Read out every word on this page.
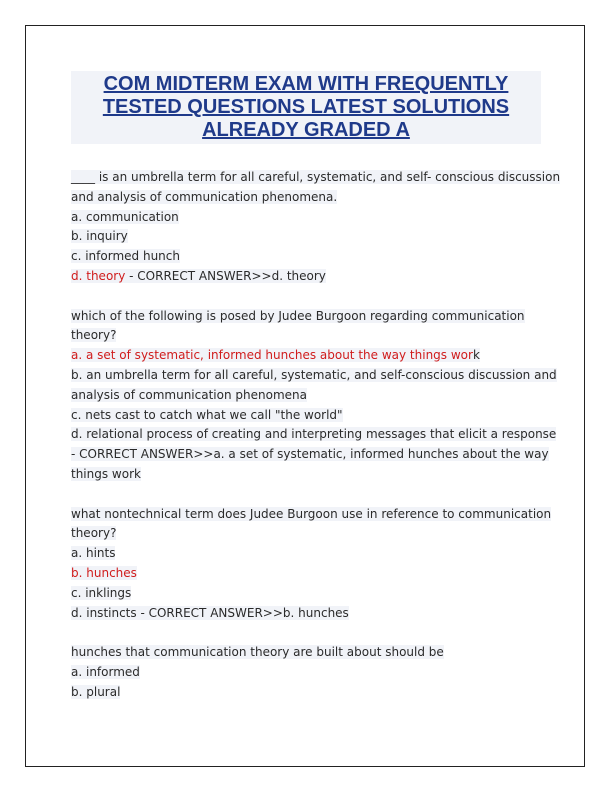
COM MIDTERM EXAM WITH FREQUENTLY
TESTED QUESTIONS LATEST SOLUTIONS
ALREADY GRADED A
____ is an umbrella term for all careful, systematic, and self- conscious discussion
and analysis of communication phenomena.
a. communication
b. inquiry
c. informed hunch
d. theory - CORRECT ANSWER>>d. theory
which of the following is posed by Judee Burgoon regarding communication
theory?
a. a set of systematic, informed hunches about the way things work
b. an umbrella term for all careful, systematic, and self-conscious discussion and
analysis of communication phenomena
c. nets cast to catch what we call "the world"
d. relational process of creating and interpreting messages that elicit a response
- CORRECT ANSWER>>a. a set of systematic, informed hunches about the way
things work
what nontechnical term does Judee Burgoon use in reference to communication
theory?
a. hints
b. hunches
c. inklings
d. instincts - CORRECT ANSWER>>b. hunches
hunches that communication theory are built about should be
a. informed
b. plural
